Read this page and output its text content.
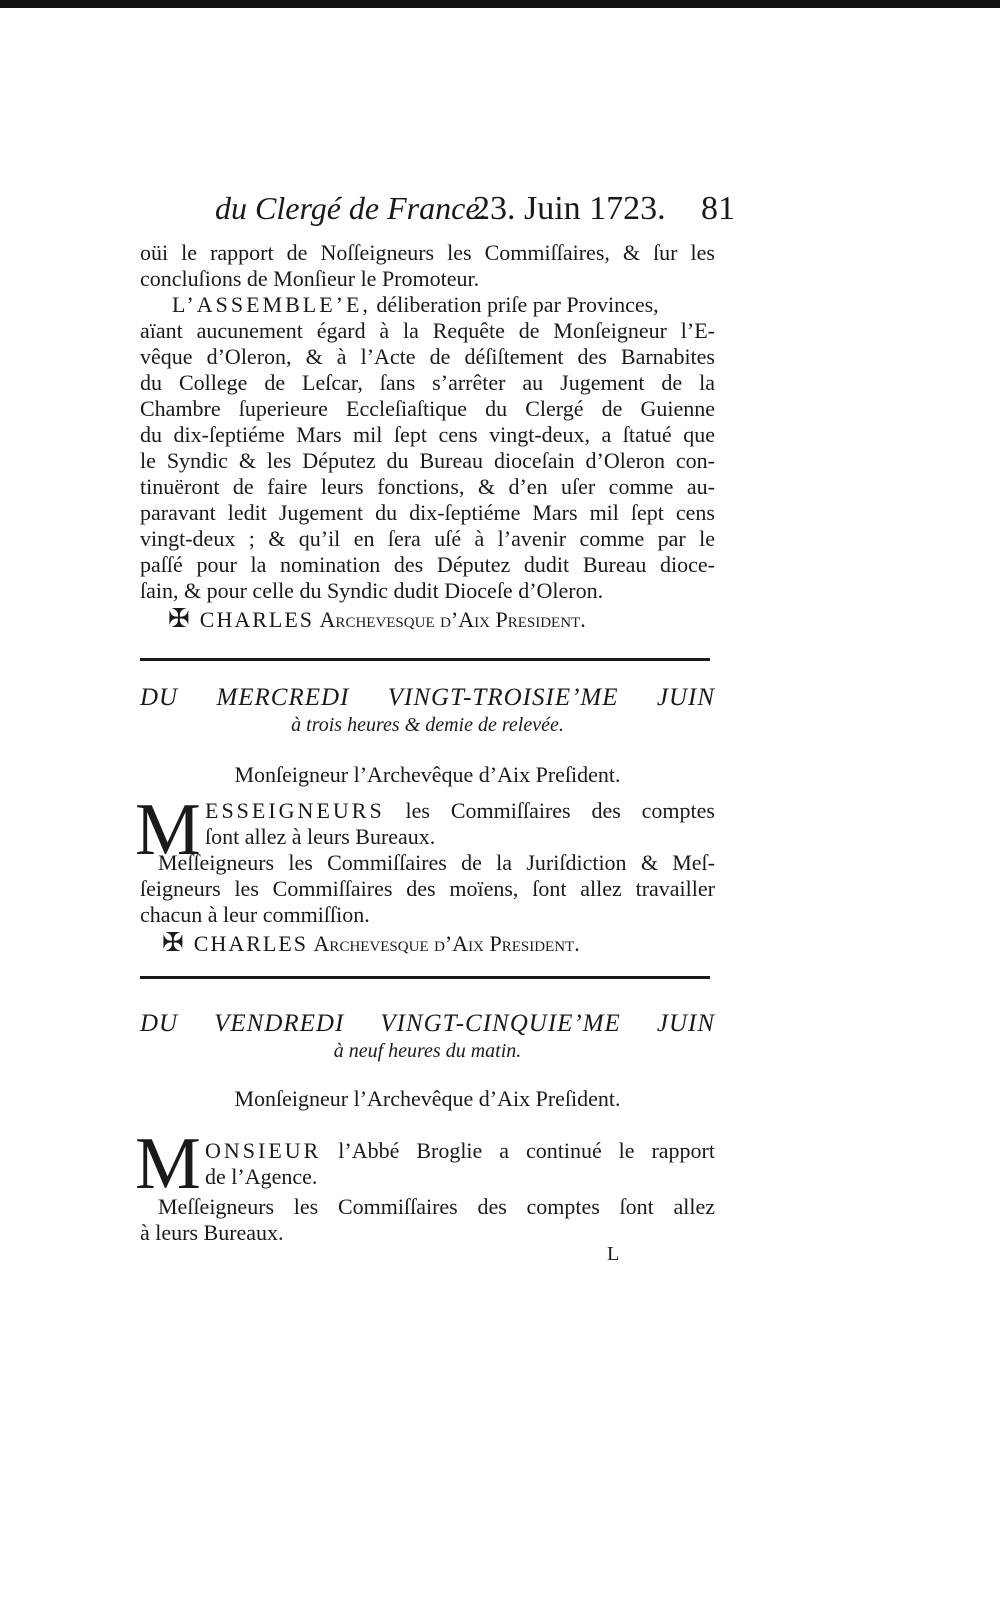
du Clergé de France.
23. Juin 1723. 81
oüi le rapport de Noſſeigneurs les Commiſſaires, & ſur les
concluſions de Monſieur le Promoteur.
L’ASSEMBLE’E, déliberation priſe par Provinces,
aïant aucunement égard à la Requête de Monſeigneur l’E-
vêque d’Oleron, & à l’Acte de déſiſtement des Barnabites
du College de Leſcar, ſans s’arrêter au Jugement de la
Chambre ſuperieure Eccleſiaſtique du Clergé de Guienne
du dix-ſeptiéme Mars mil ſept cens vingt-deux, a ſtatué que
le Syndic & les Députez du Bureau dioceſain d’Oleron con-
tinuëront de faire leurs fonctions, & d’en uſer comme au-
paravant ledit Jugement du dix-ſeptiéme Mars mil ſept cens
vingt-deux ; & qu’il en ſera uſé à l’avenir comme par le
paſſé pour la nomination des Députez dudit Bureau dioce-
ſain, & pour celle du Syndic dudit Dioceſe d’Oleron.
✠ CHARLES Archevesque d’Aix Preſident.
DU MERCREDI VINGT-TROISIE’ME JUIN
à trois heures & demie de relevée.
Monſeigneur l’Archevêque d’Aix Preſident.
M ESSEIGNEURS les Commiſſaires des comptes
ſont allez à leurs Bureaux.
Meſſeigneurs les Commiſſaires de la Juriſdiction & Meſ-
ſeigneurs les Commiſſaires des moïens, ſont allez travailler
chacun à leur commiſſion.
✠ CHARLES Archevesque d’Aix Preſident.
DU VENDREDI VINGT-CINQUIE’ME JUIN
à neuf heures du matin.
Monſeigneur l’Archevêque d’Aix Preſident.
M ONSIEUR l’Abbé Broglie a continué le rapport
de l’Agence.
Meſſeigneurs les Commiſſaires des comptes ſont allez
à leurs Bureaux.
L
